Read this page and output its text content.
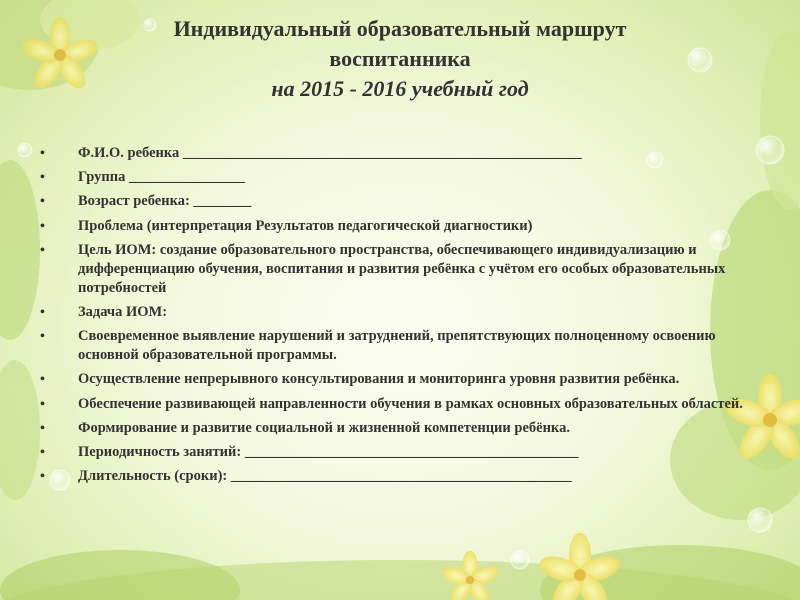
Индивидуальный образовательный маршрут
воспитанника
на 2015 - 2016 учебный год
• Ф.И.О. ребенка _______________________________________________________
• Группа ________________
• Возраст ребенка: ________
• Проблема (интерпретация Результатов педагогической диагностики)
• Цель ИОМ: создание образовательного пространства, обеспечивающего индивидуализацию и дифференциацию обучения, воспитания и развития ребёнка с учётом его особых образовательных потребностей
• Задача ИОМ:
• Своевременное выявление нарушений и затруднений, препятствующих полноценному освоению основной образовательной программы.
• Осуществление непрерывного консультирования и мониторинга уровня развития ребёнка.
• Обеспечение развивающей направленности обучения в рамках основных образовательных областей.
• Формирование и развитие социальной и жизненной компетенции ребёнка.
• Периодичность занятий: ______________________________________________
• Длительность (сроки): _______________________________________________
